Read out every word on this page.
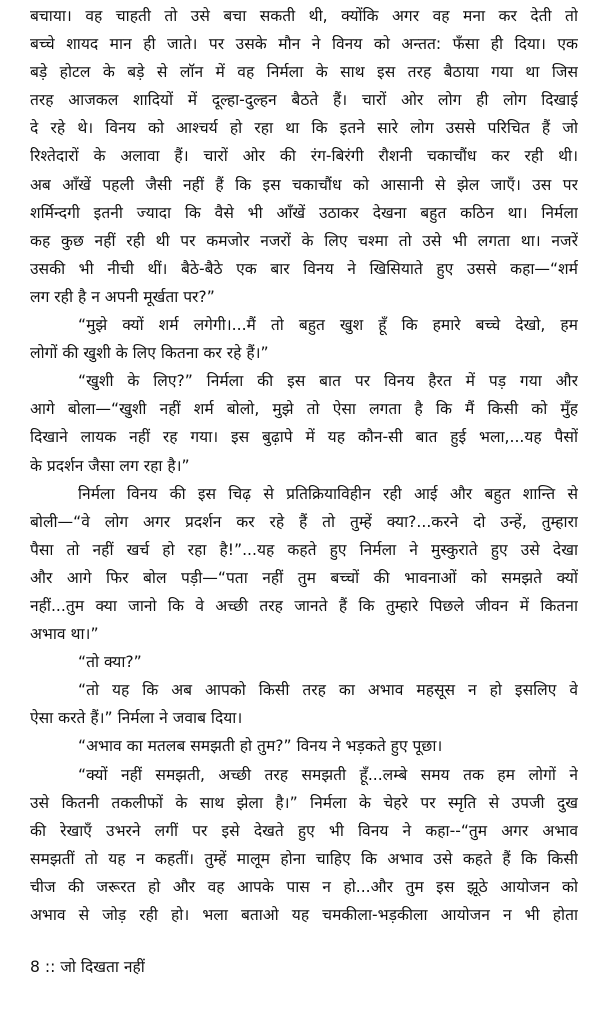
बचाया। वह चाहती तो उसे बचा सकती थी, क्योंकि अगर वह मना कर देती तो
बच्चे शायद मान ही जाते। पर उसके मौन ने विनय को अन्तत: फँसा ही दिया। एक
बड़े होटल के बड़े से लॉन में वह निर्मला के साथ इस तरह बैठाया गया था जिस
तरह आजकल शादियों में दूल्हा-दुल्हन बैठते हैं। चारों ओर लोग ही लोग दिखाई
दे रहे थे। विनय को आश्चर्य हो रहा था कि इतने सारे लोग उससे परिचित हैं जो
रिश्तेदारों के अलावा हैं। चारों ओर की रंग-बिरंगी रौशनी चकाचौंध कर रही थी।
अब आँखें पहली जैसी नहीं हैं कि इस चकाचौंध को आसानी से झेल जाएँ। उस पर
शर्मिन्दगी इतनी ज्यादा कि वैसे भी आँखें उठाकर देखना बहुत कठिन था। निर्मला
कह कुछ नहीं रही थी पर कमजोर नजरों के लिए चश्मा तो उसे भी लगता था। नजरें
उसकी भी नीची थीं। बैठे-बैठे एक बार विनय ने खिसियाते हुए उससे कहा—“शर्म
लग रही है न अपनी मूर्खता पर?”
“मुझे क्यों शर्म लगेगी।...मैं तो बहुत खुश हूँ कि हमारे बच्चे देखो, हम
लोगों की खुशी के लिए कितना कर रहे हैं।”
“खुशी के लिए?” निर्मला की इस बात पर विनय हैरत में पड़ गया और
आगे बोला—“खुशी नहीं शर्म बोलो, मुझे तो ऐसा लगता है कि मैं किसी को मुँह
दिखाने लायक नहीं रह गया। इस बुढ़ापे में यह कौन-सी बात हुई भला,...यह पैसों
के प्रदर्शन जैसा लग रहा है।”
निर्मला विनय की इस चिढ़ से प्रतिक्रियाविहीन रही आई और बहुत शान्ति से
बोली—“वे लोग अगर प्रदर्शन कर रहे हैं तो तुम्हें क्या?...करने दो उन्हें, तुम्हारा
पैसा तो नहीं खर्च हो रहा है!”...यह कहते हुए निर्मला ने मुस्कुराते हुए उसे देखा
और आगे फिर बोल पड़ी—“पता नहीं तुम बच्चों की भावनाओं को समझते क्यों
नहीं...तुम क्या जानो कि वे अच्छी तरह जानते हैं कि तुम्हारे पिछले जीवन में कितना
अभाव था।”
“तो क्या?”
“तो यह कि अब आपको किसी तरह का अभाव महसूस न हो इसलिए वे
ऐसा करते हैं।” निर्मला ने जवाब दिया।
“अभाव का मतलब समझती हो तुम?” विनय ने भड़कते हुए पूछा।
“क्यों नहीं समझती, अच्छी तरह समझती हूँ...लम्बे समय तक हम लोगों ने
उसे कितनी तकलीफों के साथ झेला है।” निर्मला के चेहरे पर स्मृति से उपजी दुख
की रेखाएँ उभरने लगीं पर इसे देखते हुए भी विनय ने कहा--“तुम अगर अभाव
समझतीं तो यह न कहतीं। तुम्हें मालूम होना चाहिए कि अभाव उसे कहते हैं कि किसी
चीज की जरूरत हो और वह आपके पास न हो...और तुम इस झूठे आयोजन को
अभाव से जोड़ रही हो। भला बताओ यह चमकीला-भड़कीला आयोजन न भी होता
8 :: जो दिखता नहीं
